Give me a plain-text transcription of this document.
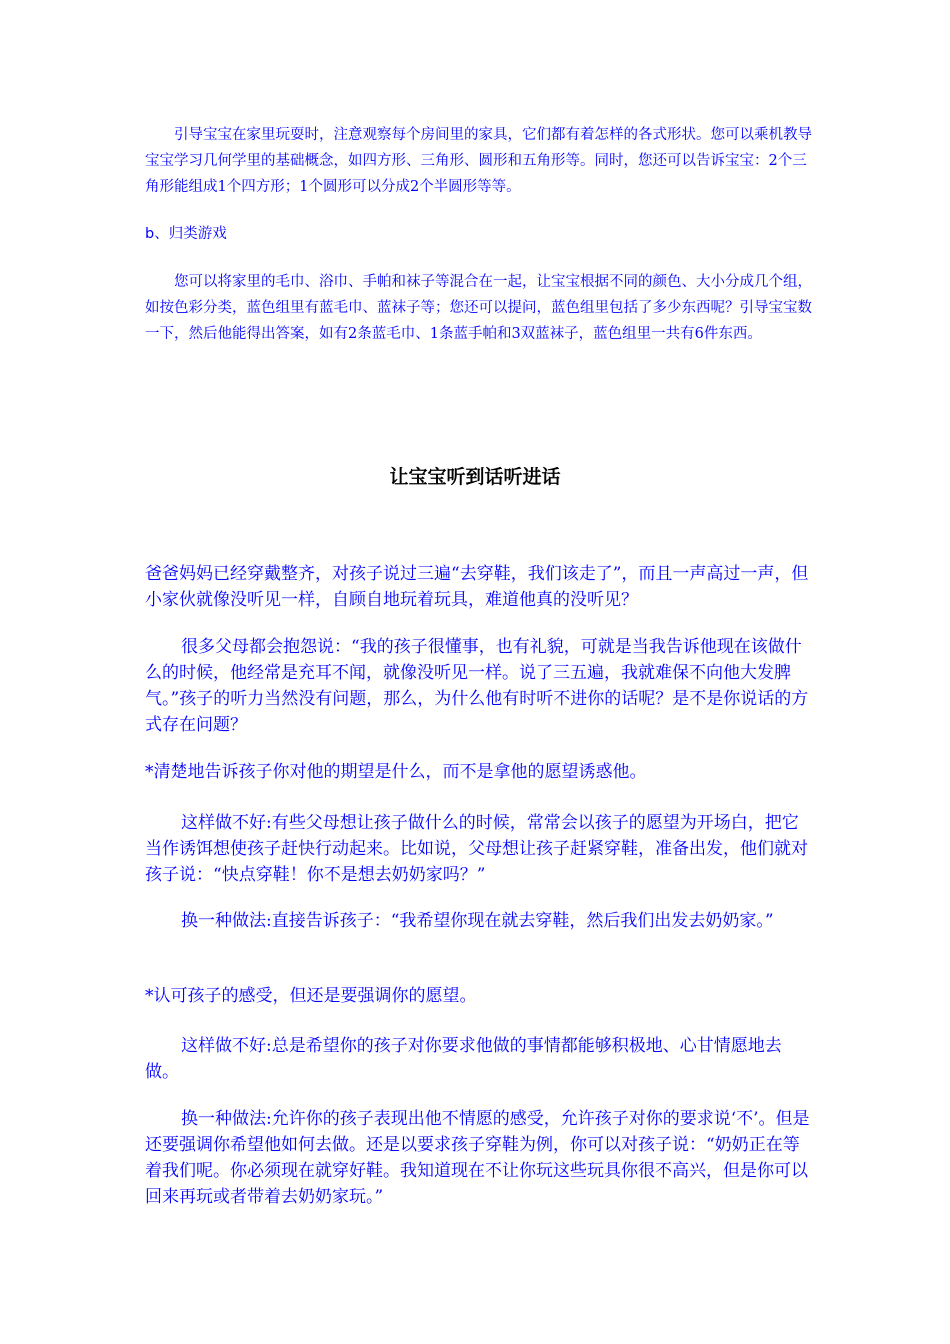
引导宝宝在家里玩耍时，注意观察每个房间里的家具，它们都有着怎样的各式形状。您可以乘机教导宝宝学习几何学里的基础概念，如四方形、三角形、圆形和五角形等。同时，您还可以告诉宝宝：2个三角形能组成1个四方形；1个圆形可以分成2个半圆形等等。

b、归类游戏

您可以将家里的毛巾、浴巾、手帕和袜子等混合在一起，让宝宝根据不同的颜色、大小分成几个组，如按色彩分类，蓝色组里有蓝毛巾、蓝袜子等；您还可以提问，蓝色组里包括了多少东西呢？引导宝宝数一下，然后他能得出答案，如有2条蓝毛巾、1条蓝手帕和3双蓝袜子，蓝色组里一共有6件东西。

让宝宝听到话听进话

爸爸妈妈已经穿戴整齐，对孩子说过三遍“去穿鞋，我们该走了”，而且一声高过一声，但小家伙就像没听见一样，自顾自地玩着玩具，难道他真的没听见？

很多父母都会抱怨说：“我的孩子很懂事，也有礼貌，可就是当我告诉他现在该做什么的时候，他经常是充耳不闻，就像没听见一样。说了三五遍，我就难保不向他大发脾气。”孩子的听力当然没有问题，那么，为什么他有时听不进你的话呢？是不是你说话的方式存在问题？

*清楚地告诉孩子你对他的期望是什么，而不是拿他的愿望诱惑他。

这样做不好:有些父母想让孩子做什么的时候，常常会以孩子的愿望为开场白，把它当作诱饵想使孩子赶快行动起来。比如说，父母想让孩子赶紧穿鞋，准备出发，他们就对孩子说：“快点穿鞋！你不是想去奶奶家吗？”

换一种做法:直接告诉孩子：“我希望你现在就去穿鞋，然后我们出发去奶奶家。”

*认可孩子的感受，但还是要强调你的愿望。

这样做不好:总是希望你的孩子对你要求他做的事情都能够积极地、心甘情愿地去做。

换一种做法:允许你的孩子表现出他不情愿的感受，允许孩子对你的要求说‘不’。但是还要强调你希望他如何去做。还是以要求孩子穿鞋为例，你可以对孩子说：“奶奶正在等着我们呢。你必须现在就穿好鞋。我知道现在不让你玩这些玩具你很不高兴，但是你可以回来再玩或者带着去奶奶家玩。”
